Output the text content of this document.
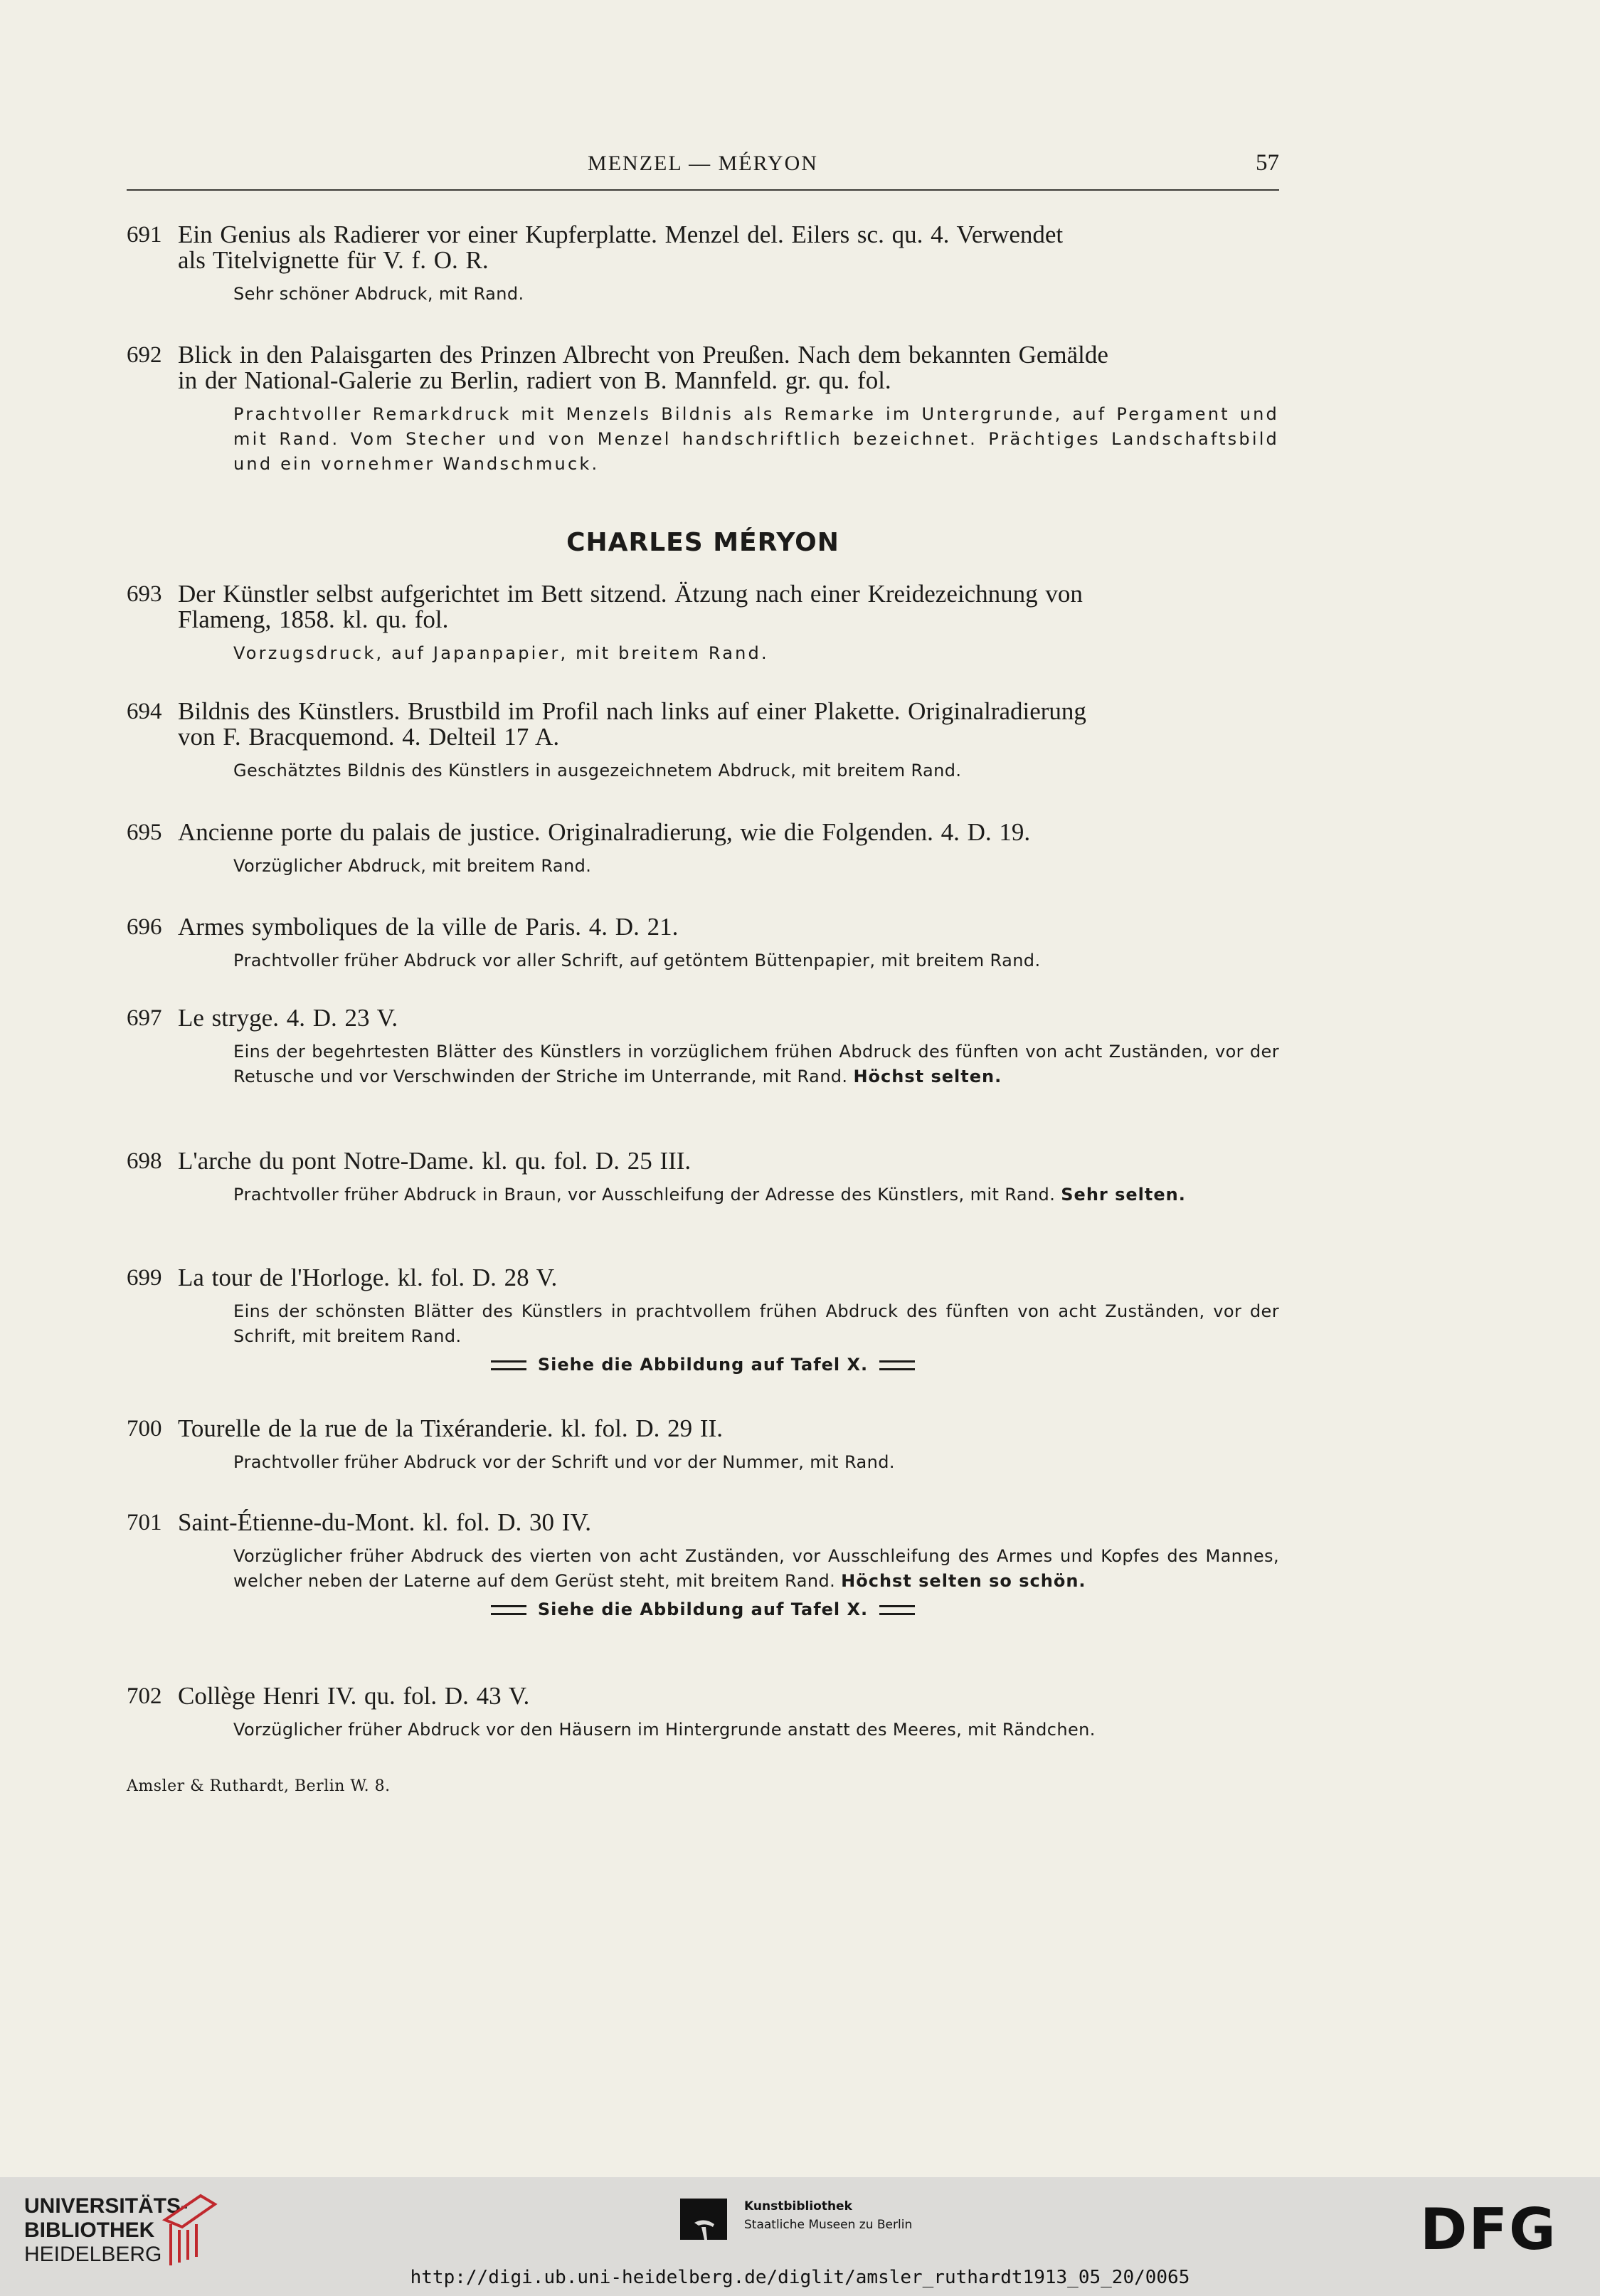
MENZEL — MÉRYON	57
691 Ein Genius als Radierer vor einer Kupferplatte. Menzel del. Eilers sc. qu. 4. Verwendet
als Titelvignette für V. f. O. R.
Sehr schöner Abdruck, mit Rand.
692 Blick in den Palaisgarten des Prinzen Albrecht von Preußen. Nach dem bekannten Gemälde
in der National-Galerie zu Berlin, radiert von B. Mannfeld. gr. qu. fol.
Prachtvoller Remarkdruck mit Menzels Bildnis als Remarke im Untergrunde, auf Pergament und mit Rand. Vom Stecher und von Menzel handschriftlich bezeichnet. Prächtiges Landschaftsbild und ein vornehmer Wandschmuck.
CHARLES MÉRYON
693 Der Künstler selbst aufgerichtet im Bett sitzend. Ätzung nach einer Kreidezeichnung von
Flameng, 1858. kl. qu. fol.
Vorzugsdruck, auf Japanpapier, mit breitem Rand.
694 Bildnis des Künstlers. Brustbild im Profil nach links auf einer Plakette. Originalradierung
von F. Bracquemond. 4. Delteil 17 A.
Geschätztes Bildnis des Künstlers in ausgezeichnetem Abdruck, mit breitem Rand.
695 Ancienne porte du palais de justice. Originalradierung, wie die Folgenden. 4. D. 19.
Vorzüglicher Abdruck, mit breitem Rand.
696 Armes symboliques de la ville de Paris. 4. D. 21.
Prachtvoller früher Abdruck vor aller Schrift, auf getöntem Büttenpapier, mit breitem Rand.
697 Le stryge. 4. D. 23 V.
Eins der begehrtesten Blätter des Künstlers in vorzüglichem frühen Abdruck des fünften von acht Zuständen, vor der Retusche und vor Verschwinden der Striche im Unterrande, mit Rand. Höchst selten.
698 L'arche du pont Notre-Dame. kl. qu. fol. D. 25 III.
Prachtvoller früher Abdruck in Braun, vor Ausschleifung der Adresse des Künstlers, mit Rand. Sehr selten.
699 La tour de l'Horloge. kl. fol. D. 28 V.
Eins der schönsten Blätter des Künstlers in prachtvollem frühen Abdruck des fünften von acht Zuständen, vor der Schrift, mit breitem Rand.
Siehe die Abbildung auf Tafel X.
700 Tourelle de la rue de la Tixéranderie. kl. fol. D. 29 II.
Prachtvoller früher Abdruck vor der Schrift und vor der Nummer, mit Rand.
701 Saint-Étienne-du-Mont. kl. fol. D. 30 IV.
Vorzüglicher früher Abdruck des vierten von acht Zuständen, vor Ausschleifung des Armes und Kopfes des Mannes, welcher neben der Laterne auf dem Gerüst steht, mit breitem Rand. Höchst selten so schön.
Siehe die Abbildung auf Tafel X.
702 Collège Henri IV. qu. fol. D. 43 V.
Vorzüglicher früher Abdruck vor den Häusern im Hintergrunde anstatt des Meeres, mit Rändchen.
Amsler & Ruthardt, Berlin W. 8.
UNIVERSITÄTS-
BIBLIOTHEK
HEIDELBERG
Kunstbibliothek
Staatliche Museen zu Berlin	DFG
http://digi.ub.uni-heidelberg.de/diglit/amsler_ruthardt1913_05_20/0065
